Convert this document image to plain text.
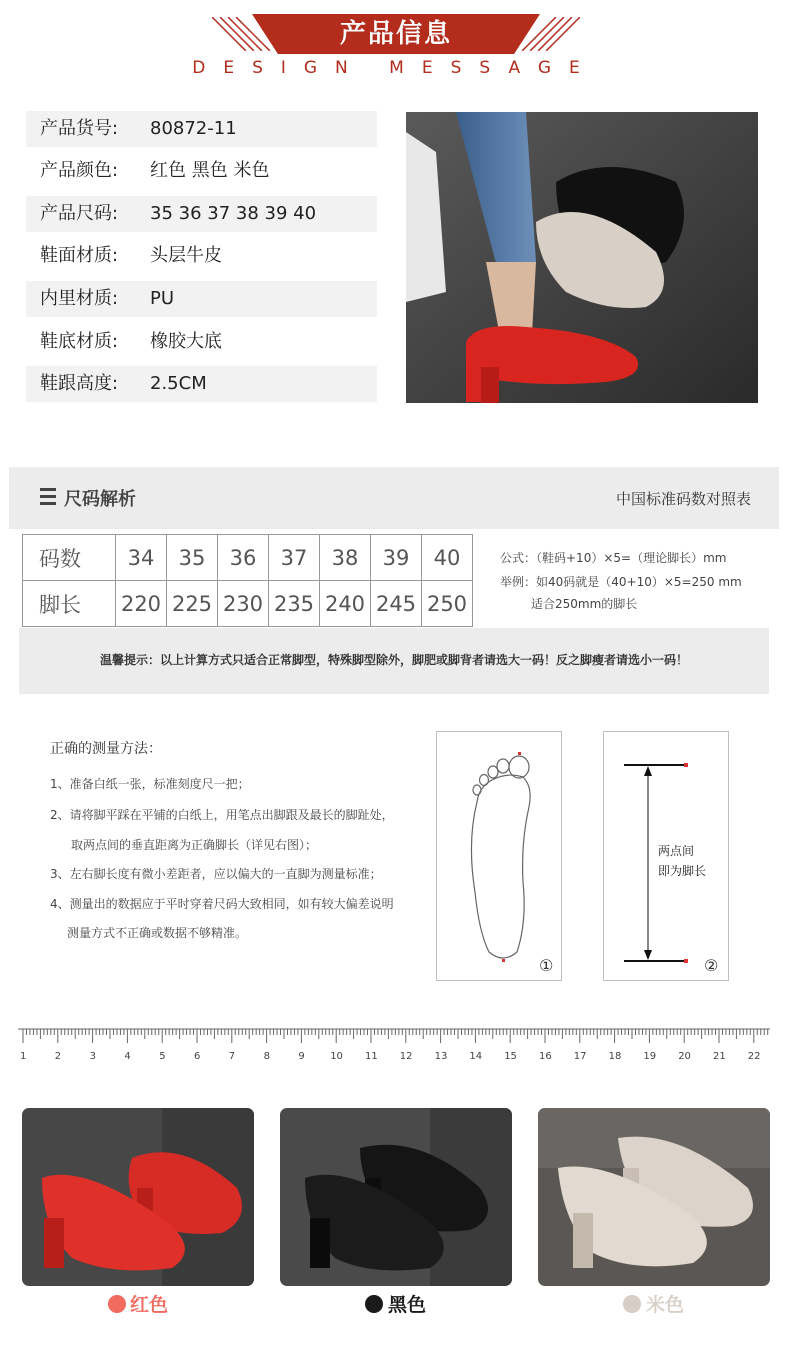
产品信息
DESIGN MESSAGE
产品货号: 80872-11
产品颜色: 红色 黑色 米色
产品尺码: 35 36 37 38 39 40
鞋面材质: 头层牛皮
内里材质: PU
鞋底材质: 橡胶大底
鞋跟高度: 2.5CM
尺码解析	中国标准码数对照表
码数	34	35	36	37	38	39	40
脚长	220	225	230	235	240	245	250
公式：（鞋码+10）×5=（理论脚长）mm
举例：如40码就是（40+10）×5=250 mm
适合250mm的脚长
温馨提示：以上计算方式只适合正常脚型，特殊脚型除外，脚肥或脚背者请选大一码！反之脚瘦者请选小一码！
正确的测量方法：
1、准备白纸一张，标准刻度尺一把；
2、请将脚平踩在平铺的白纸上，用笔点出脚跟及最长的脚趾处，
取两点间的垂直距离为正确脚长（详见右图）；
3、左右脚长度有微小差距者，应以偏大的一直脚为测量标准；
4、测量出的数据应于平时穿着尺码大致相同，如有较大偏差说明
测量方式不正确或数据不够精准。
①
两点间
即为脚长
②
1	2	3	4	5	6	7	8	9	10 11 12 13 14 15 16 17 18 19 20 21 22
红色	黑色	米色
